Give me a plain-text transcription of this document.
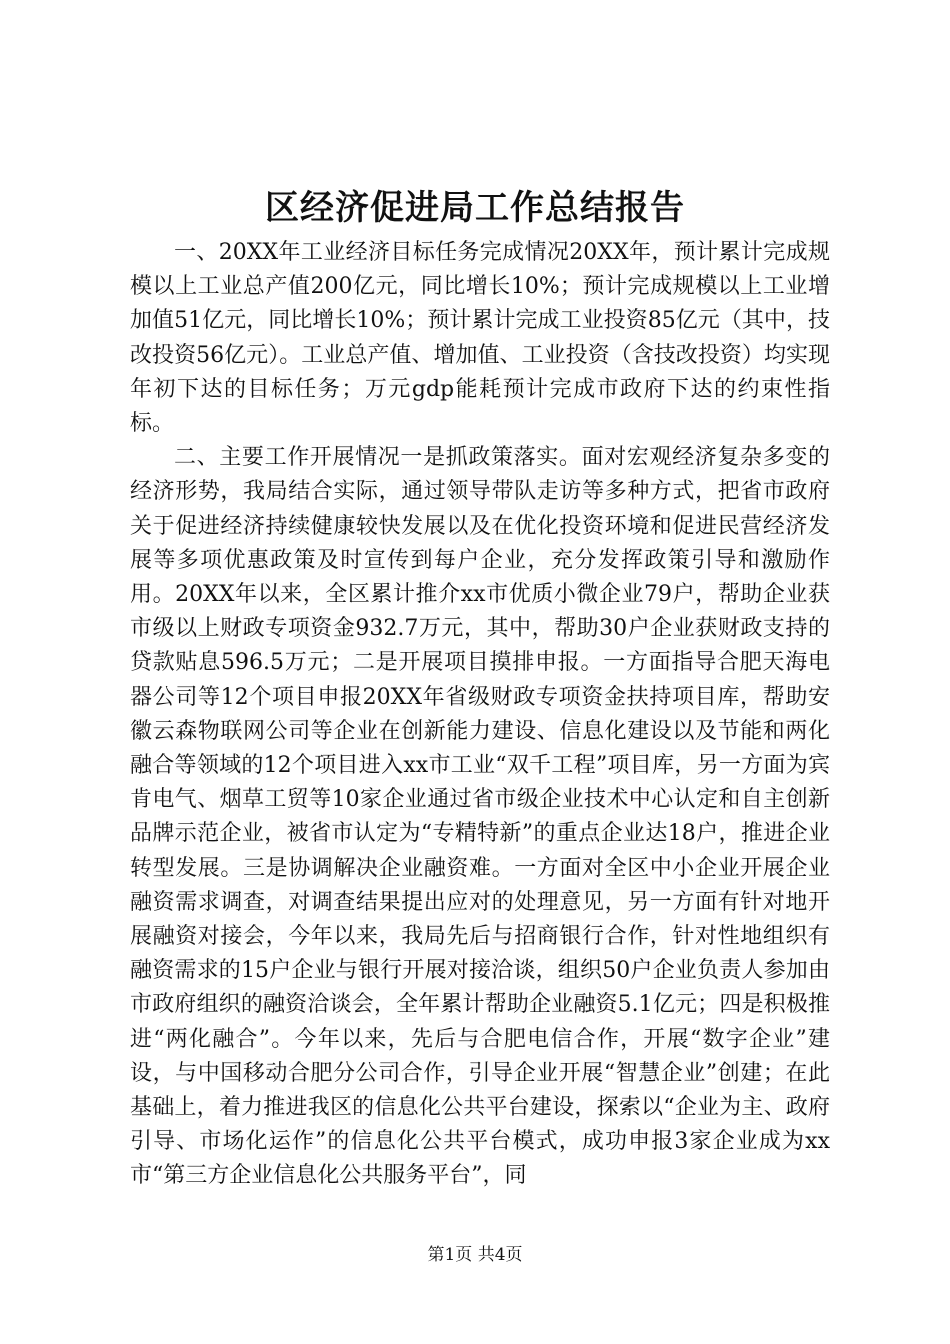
区经济促进局工作总结报告

一、20XX年工业经济目标任务完成情况20XX年，预计累计完成规模以上工业总产值200亿元，同比增长10%；预计完成规模以上工业增加值51亿元，同比增长10%；预计累计完成工业投资85亿元（其中，技改投资56亿元）。工业总产值、增加值、工业投资（含技改投资）均实现年初下达的目标任务；万元gdp能耗预计完成市政府下达的约束性指标。

二、主要工作开展情况一是抓政策落实。面对宏观经济复杂多变的经济形势，我局结合实际，通过领导带队走访等多种方式，把省市政府关于促进经济持续健康较快发展以及在优化投资环境和促进民营经济发展等多项优惠政策及时宣传到每户企业，充分发挥政策引导和激励作用。20XX年以来，全区累计推介xx市优质小微企业79户，帮助企业获市级以上财政专项资金932.7万元，其中，帮助30户企业获财政支持的贷款贴息596.5万元；二是开展项目摸排申报。一方面指导合肥天海电器公司等12个项目申报20XX年省级财政专项资金扶持项目库，帮助安徽云森物联网公司等企业在创新能力建设、信息化建设以及节能和两化融合等领域的12个项目进入xx市工业“双千工程”项目库，另一方面为宾肯电气、烟草工贸等10家企业通过省市级企业技术中心认定和自主创新品牌示范企业，被省市认定为“专精特新”的重点企业达18户，推进企业转型发展。三是协调解决企业融资难。一方面对全区中小企业开展企业融资需求调查，对调查结果提出应对的处理意见，另一方面有针对地开展融资对接会，今年以来，我局先后与招商银行合作，针对性地组织有融资需求的15户企业与银行开展对接洽谈，组织50户企业负责人参加由市政府组织的融资洽谈会，全年累计帮助企业融资5.1亿元；四是积极推进“两化融合”。今年以来，先后与合肥电信合作，开展“数字企业”建设，与中国移动合肥分公司合作，引导企业开展“智慧企业”创建；在此基础上，着力推进我区的信息化公共平台建设，探索以“企业为主、政府引导、市场化运作”的信息化公共平台模式，成功申报3家企业成为xx市“第三方企业信息化公共服务平台”，同

第1页 共4页
